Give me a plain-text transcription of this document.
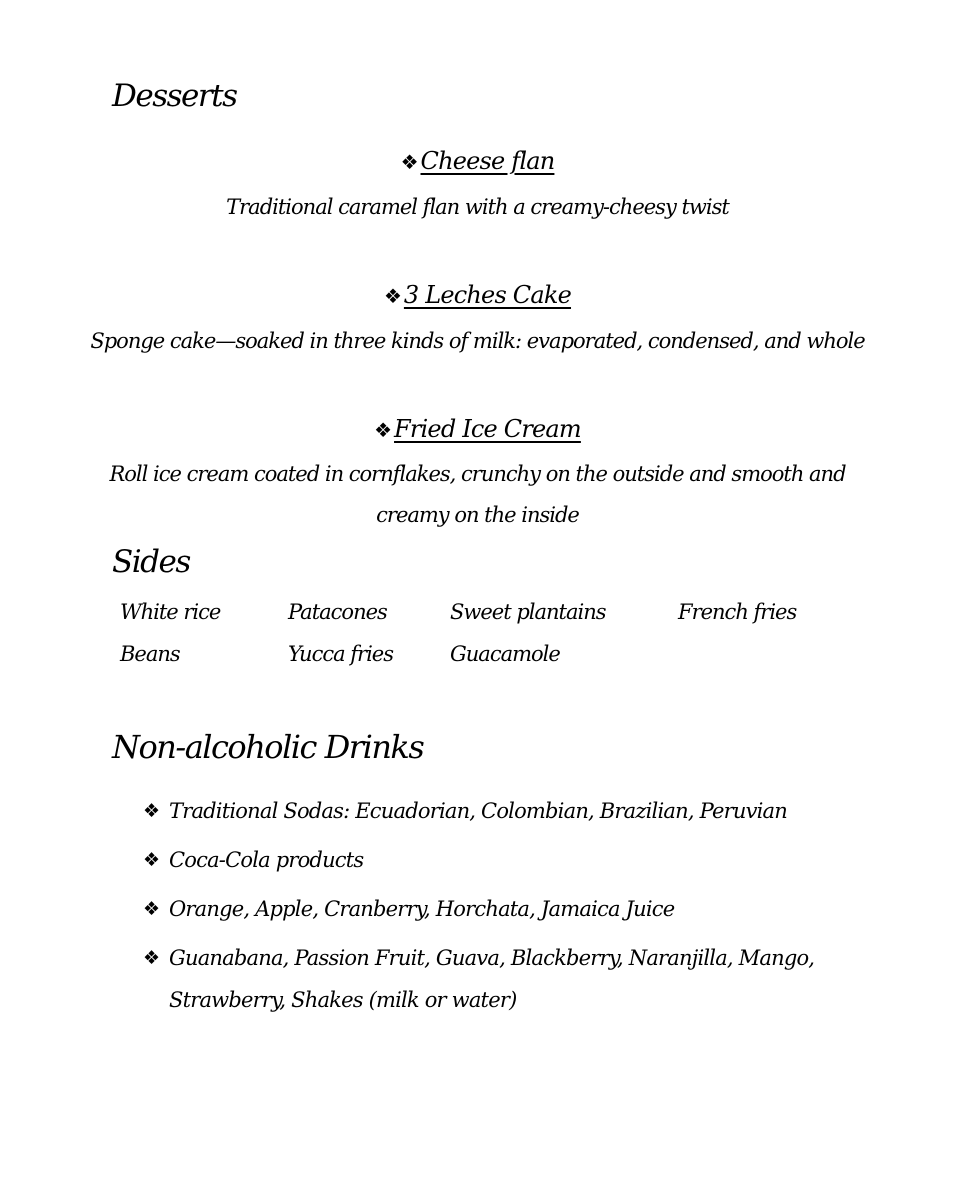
Desserts
❖ Cheese flan
Traditional caramel flan with a creamy-cheesy twist
❖ 3 Leches Cake
Sponge cake—soaked in three kinds of milk: evaporated, condensed, and whole
❖ Fried Ice Cream
Roll ice cream coated in cornflakes, crunchy on the outside and smooth and creamy on the inside
Sides
White rice	Patacones	Sweet plantains	French fries
Beans	Yucca fries	Guacamole
Non-alcoholic Drinks
❖ Traditional Sodas: Ecuadorian, Colombian, Brazilian, Peruvian
❖ Coca-Cola products
❖ Orange, Apple, Cranberry, Horchata, Jamaica Juice
❖ Guanabana, Passion Fruit, Guava, Blackberry, Naranjilla, Mango, Strawberry, Shakes (milk or water)
